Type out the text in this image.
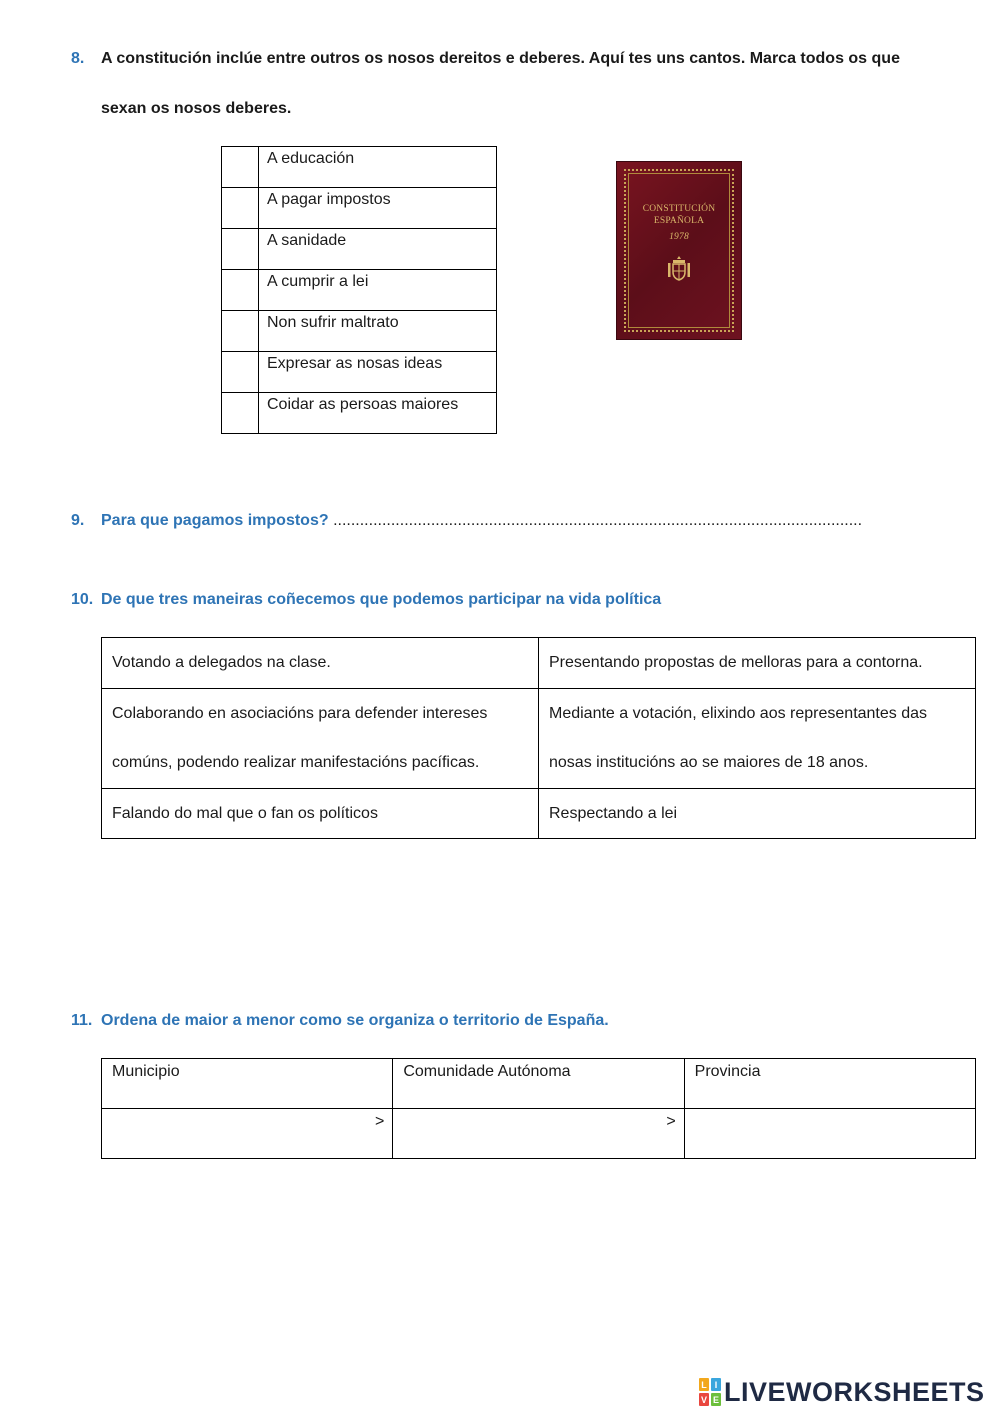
8. A constitución inclúe entre outros os nosos dereitos e deberes. Aquí tes uns cantos. Marca todos os que
sexan os nosos deberes.
	A educación
	A pagar impostos
	A sanidade
	A cumprir a lei
	Non sufrir maltrato
	Expresar as nosas ideas
	Coidar as persoas maiores
CONSTITUCIÓN
ESPAÑOLA
1978
9. Para que pagamos impostos? .......................................................................................................................
10. De que tres maneiras coñecemos que podemos participar na vida política
Votando a delegados na clase.	Presentando propostas de melloras para a contorna.
Colaborando en asociacións para defender intereses comúns, podendo realizar manifestacións pacíficas.	Mediante a votación, elixindo aos representantes das nosas institucións ao se maiores de 18 anos.
Falando do mal que o fan os políticos	Respectando a lei
11. Ordena de maior a menor como se organiza o territorio de España.
Municipio	Comunidade Autónoma	Provincia
>	>	
L I
V E LIVEWORKSHEETS
